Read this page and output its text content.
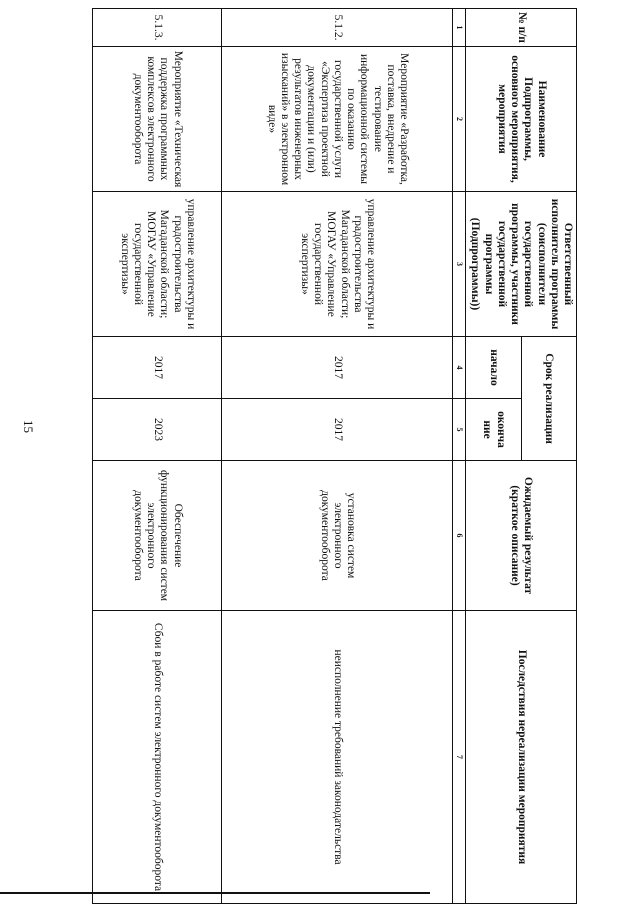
15
№ п/п	Наименование Подпрограммы, основного мероприятия, мероприятия	Ответственный исполнитель программы (соисполнители государственной программы, участники государственной программы (Подпрограммы))	Срок реализации		Ожидаемый результат (краткое описание)	Последствия нереализации мероприятия
			начало	оконча ние		
1	2	3	4	5	6	7
5.1.2.	Мероприятие «Разработка, поставка, внедрение и тестирование информационной системы по оказанию государственной услуги «Экспертиза проектной документации и (или) результатов инженерных изысканий» в электронном виде»	управление архитектуры и градостроительства Магаданской области; МОГАУ «Управление государственной экспертизы»	2017	2017	установка систем электронного документооборота	неисполнение требований законодательства
5.1.3.	Мероприятие «Техническая поддержка программных комплексов электронного документооборота	управление архитектуры и градостроительства Магаданской области; МОГАУ «Управление государственной экспертизы»	2017	2023	Обеспечение функционирования систем электронного документооборота	Сбои в работе систем электронного документооборота
